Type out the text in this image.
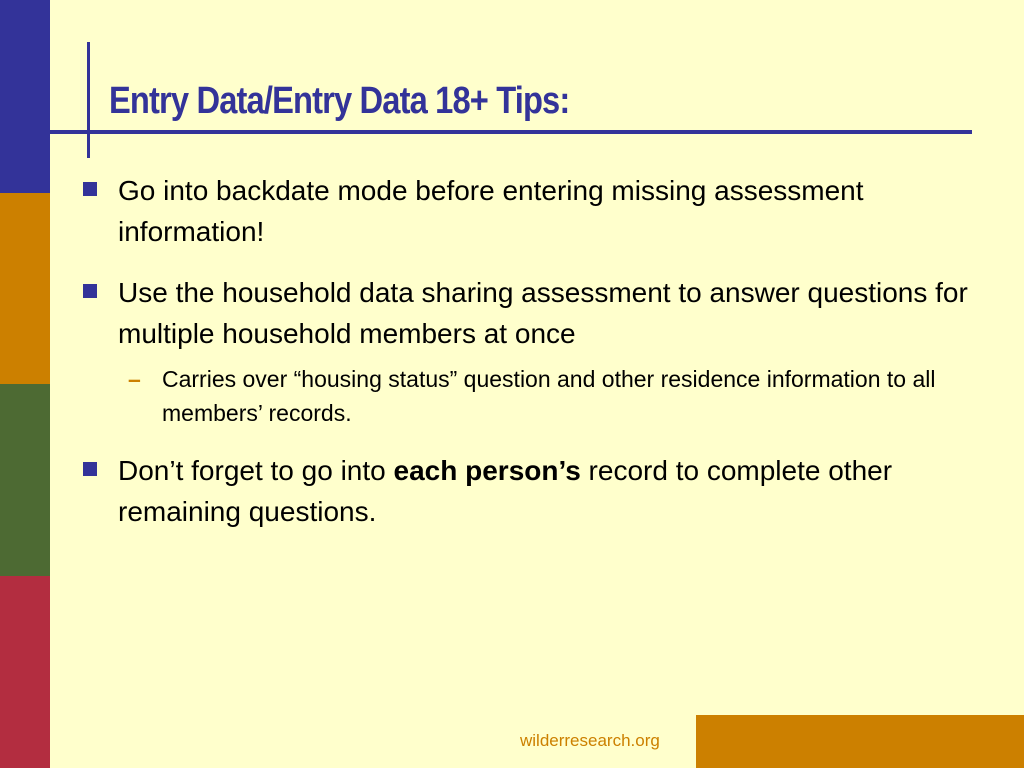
Entry Data/Entry Data 18+ Tips:
Go into backdate mode before entering missing assessment information!
Use the household data sharing assessment to answer questions for multiple household members at once
– Carries over “housing status” question and other residence information to all members’ records.
Don’t forget to go into each person’s record to complete other remaining questions.
wilderresearch.org
